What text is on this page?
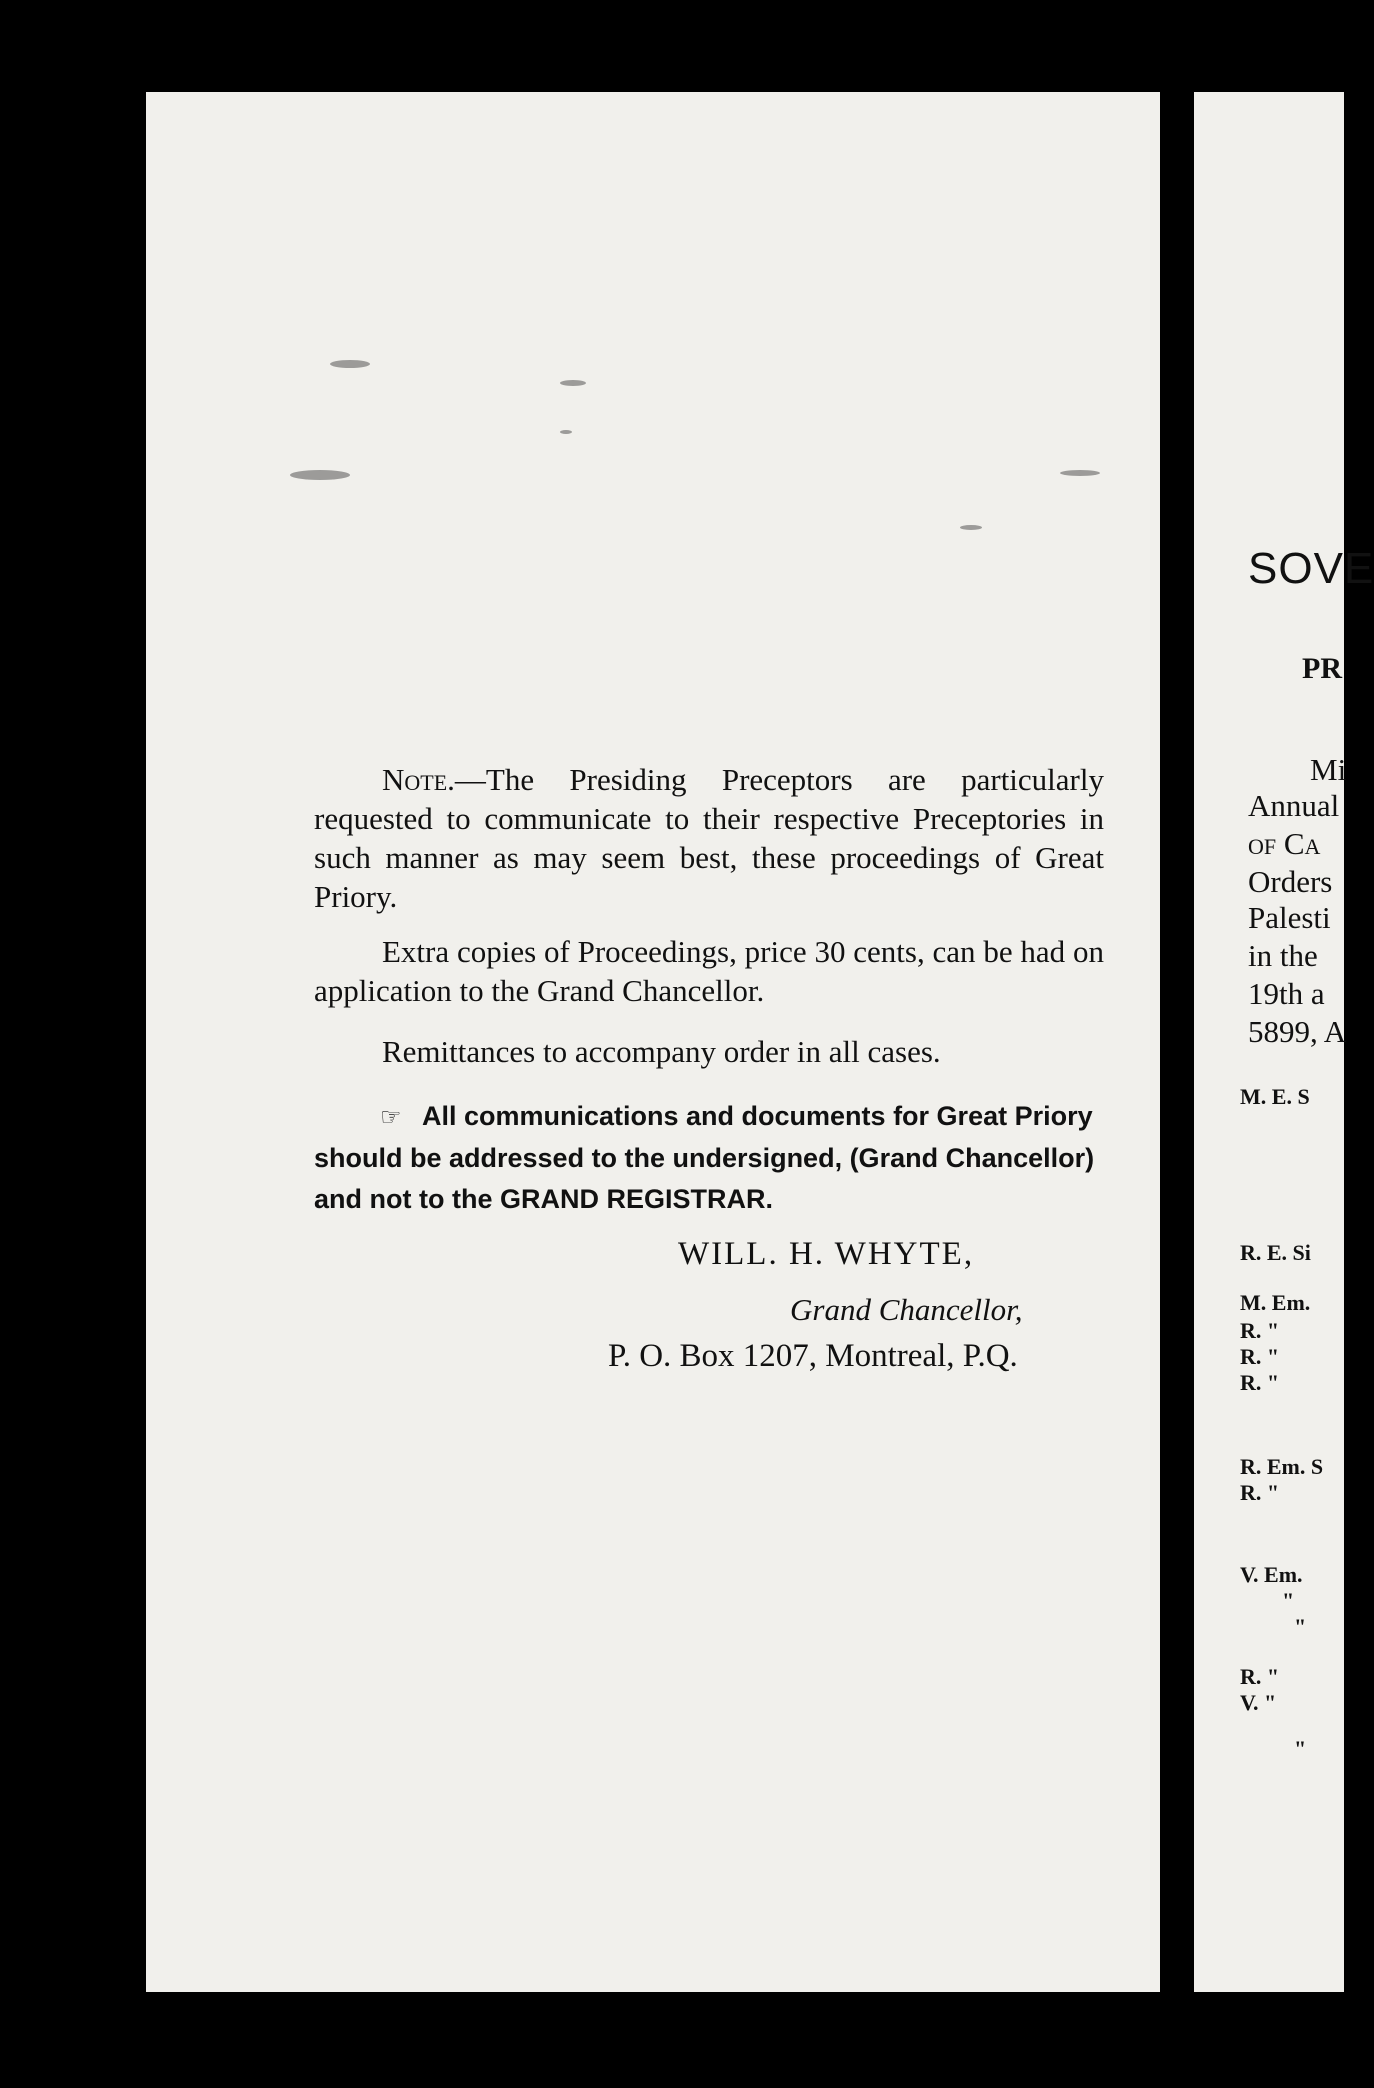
Note.—The Presiding Preceptors are particularly requested to communicate to their respective Preceptories in such manner as may seem best, these proceedings of Great Priory.
Extra copies of Proceedings, price 30 cents, can be had on application to the Grand Chancellor.
Remittances to accompany order in all cases.
☞ All communications and documents for Great Priory should be addressed to the undersigned, (Grand Chancellor) and not to the GRAND REGISTRAR.
WILL. H. WHYTE,
Grand Chancellor,
P. O. Box 1207, Montreal, P.Q.
SOVE
PR
Mi
Annual
of Ca
Orders
Palesti
in the
19th a
5899, A
M. E. S
R. E. Si
M. Em.
R. "
R. "
R. "
R. Em. S
R. "
V. Em.
"
"
R. "
V. "
"
